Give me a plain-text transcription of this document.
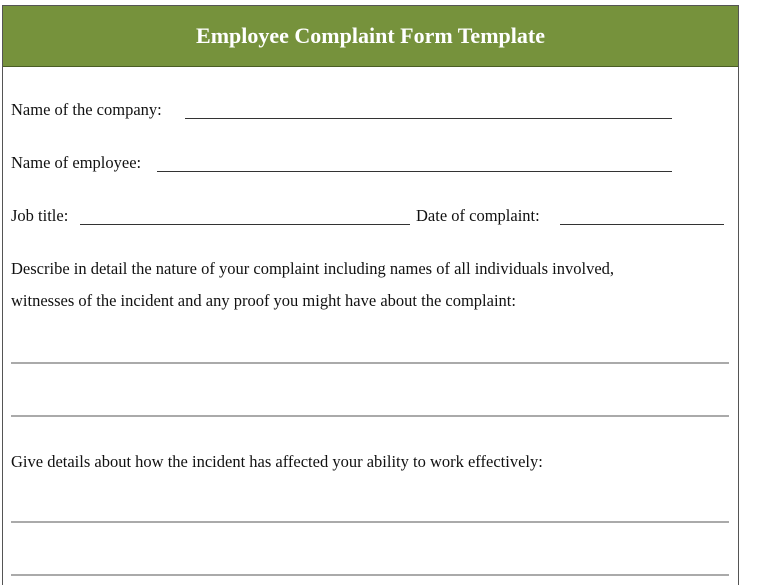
Employee Complaint Form Template
Name of the company:
Name of employee:
Job title:	Date of complaint:
Describe in detail the nature of your complaint including names of all individuals involved,
witnesses of the incident and any proof you might have about the complaint:
Give details about how the incident has affected your ability to work effectively:
